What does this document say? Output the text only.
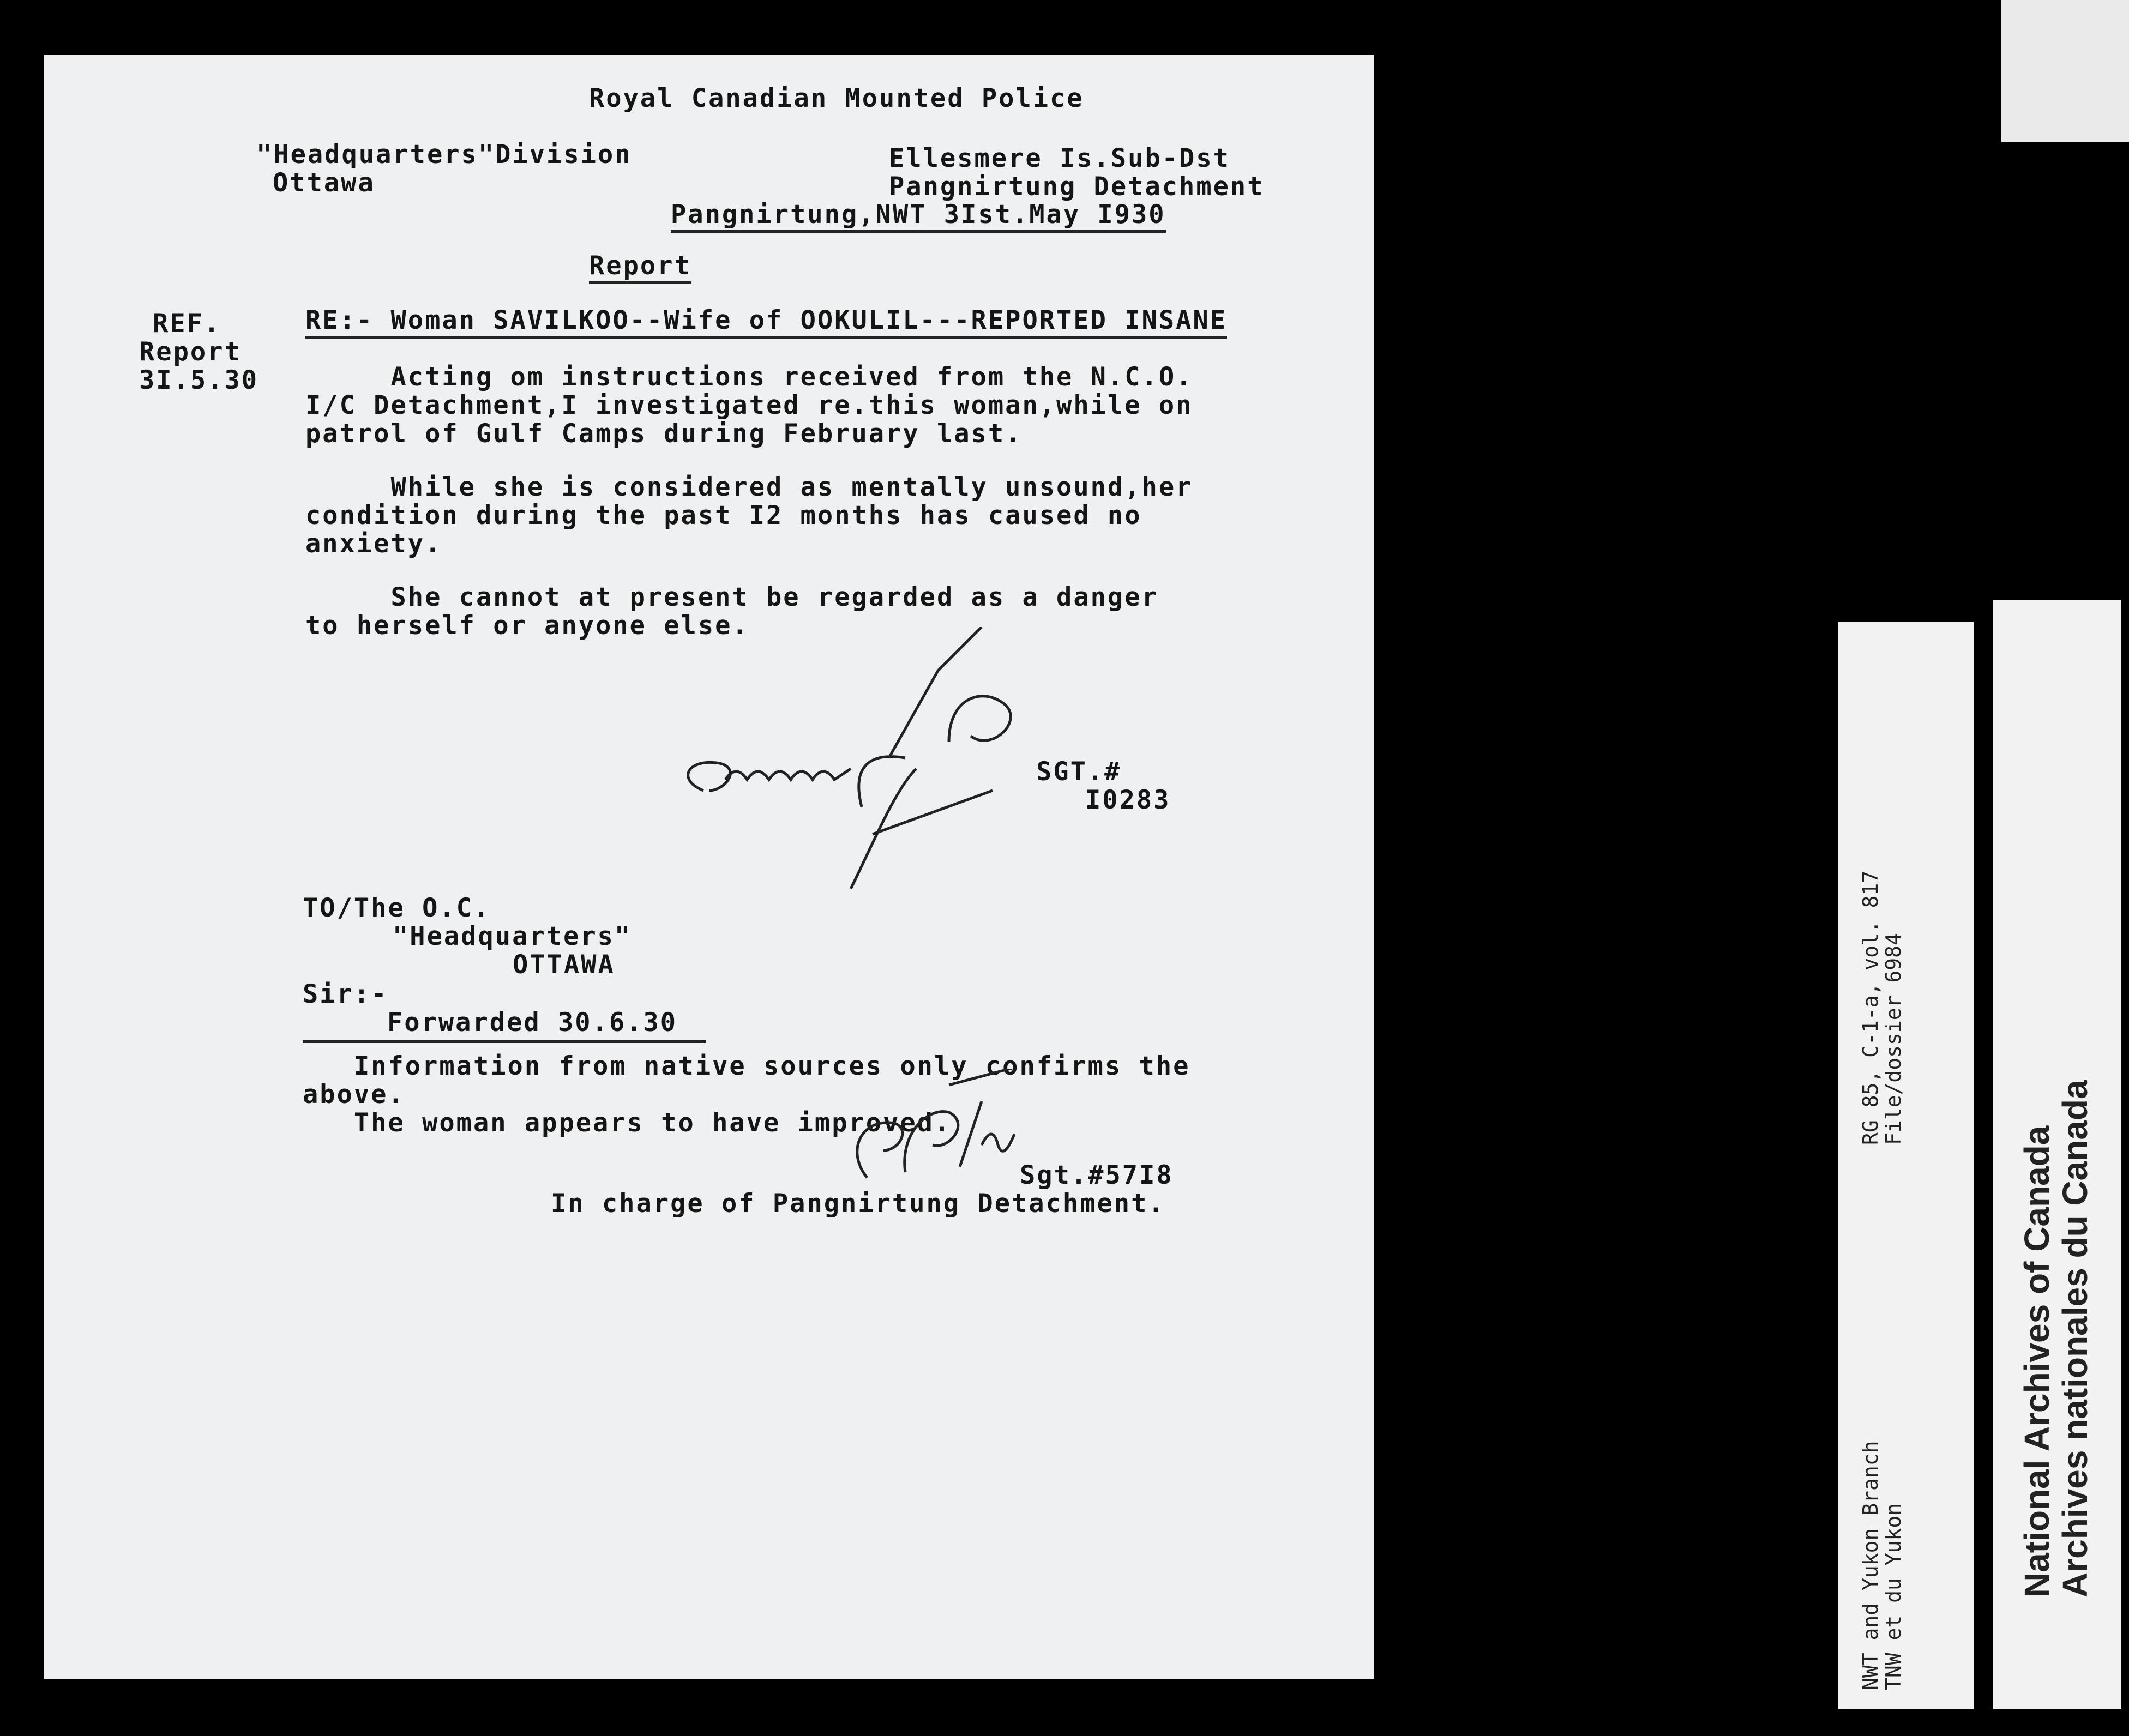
Royal Canadian Mounted Police
"Headquarters"Division
Ottawa
Ellesmere Is.Sub-Dst
Pangnirtung Detachment
Pangnirtung,NWT 3Ist.May I930
Report
REF.
Report
3I.5.30
RE:- Woman SAVILKOO--Wife of OOKULIL---REPORTED INSANE
Acting om instructions received from the N.C.O.
I/C Detachment,I investigated re.this woman,while on
patrol of Gulf Camps during February last.
While she is considered as mentally unsound,her
condition during the past I2 months has caused no
anxiety.
She cannot at present be regarded as a danger
to herself or anyone else.
SGT.#
I0283
TO/The O.C.
"Headquarters"
OTTAWA
Sir:-
Forwarded 30.6.30
Information from native sources only confirms the
above.
The woman appears to have improved.
Sgt.#57I8
In charge of Pangnirtung Detachment.

NWT and Yukon Branch
TNW et du Yukon

RG 85, C-1-a, vol. 817
File/dossier 6984

National Archives of Canada
Archives nationales du Canada
